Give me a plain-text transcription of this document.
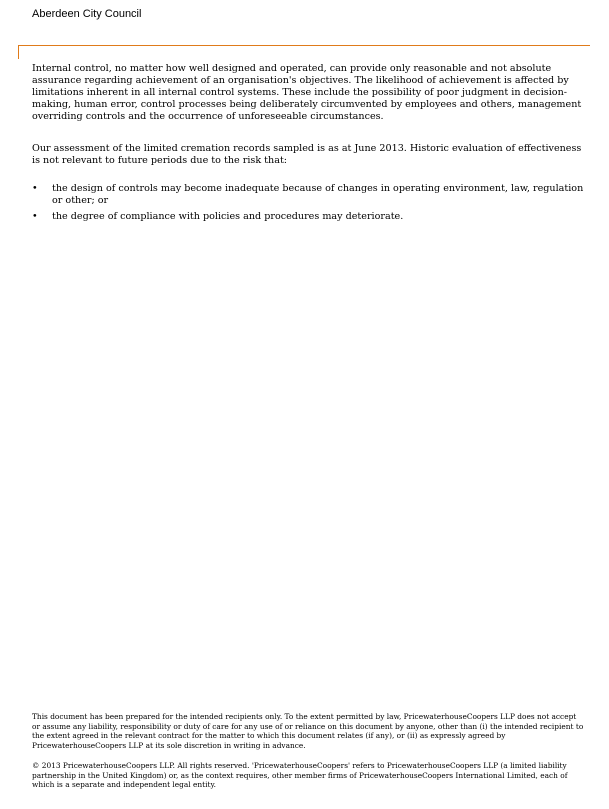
Aberdeen City Council

Internal control, no matter how well designed and operated, can provide only reasonable and not absolute assurance regarding achievement of an organisation's objectives. The likelihood of achievement is affected by limitations inherent in all internal control systems. These include the possibility of poor judgment in decision-making, human error, control processes being deliberately circumvented by employees and others, management overriding controls and the occurrence of unforeseeable circumstances.

Our assessment of the limited cremation records sampled is as at June 2013. Historic evaluation of effectiveness is not relevant to future periods due to the risk that:

• the design of controls may become inadequate because of changes in operating environment, law, regulation or other; or
• the degree of compliance with policies and procedures may deteriorate.

This document has been prepared for the intended recipients only. To the extent permitted by law, PricewaterhouseCoopers LLP does not accept or assume any liability, responsibility or duty of care for any use of or reliance on this document by anyone, other than (i) the intended recipient to the extent agreed in the relevant contract for the matter to which this document relates (if any), or (ii) as expressly agreed by PricewaterhouseCoopers LLP at its sole discretion in writing in advance.

© 2013 PricewaterhouseCoopers LLP. All rights reserved. 'PricewaterhouseCoopers' refers to PricewaterhouseCoopers LLP (a limited liability partnership in the United Kingdom) or, as the context requires, other member firms of PricewaterhouseCoopers International Limited, each of which is a separate and independent legal entity.
